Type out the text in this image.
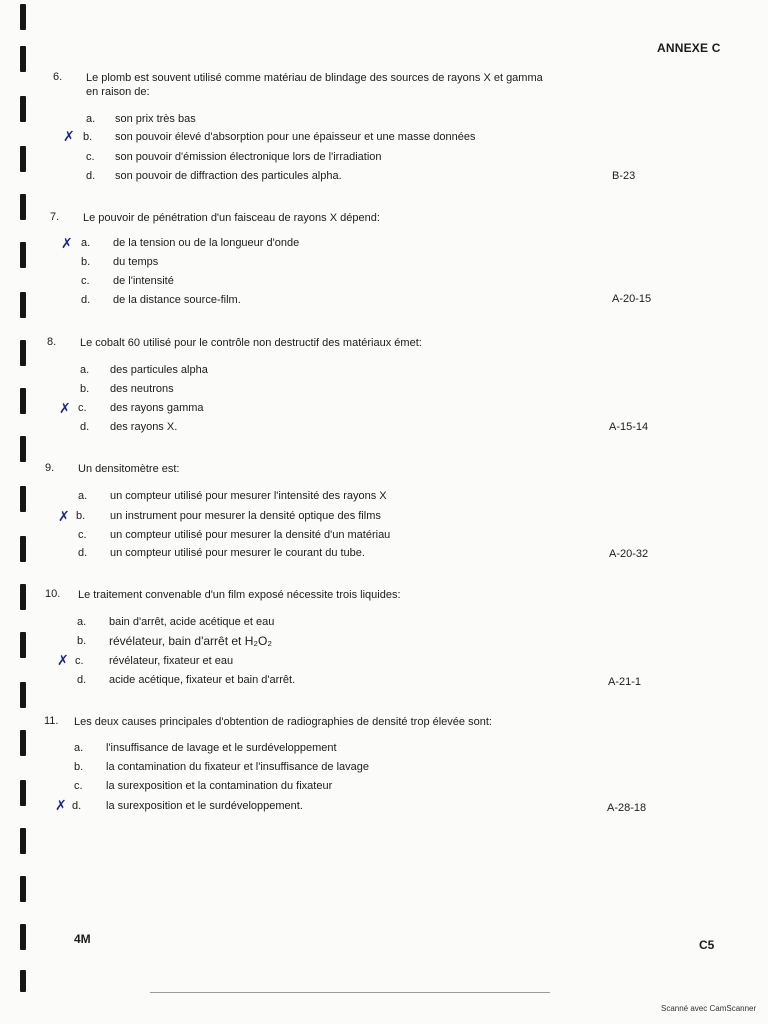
ANNEXE C
6. Le plomb est souvent utilisé comme matériau de blindage des sources de rayons X et gamma
en raison de:
a. son prix très bas
✗ b. son pouvoir élevé d'absorption pour une épaisseur et une masse données
c. son pouvoir d'émission électronique lors de l'irradiation
d. son pouvoir de diffraction des particules alpha.	B-23
7. Le pouvoir de pénétration d'un faisceau de rayons X dépend:
✗ a. de la tension ou de la longueur d'onde
b. du temps
c. de l'intensité
d. de la distance source-film.	A-20-15
8. Le cobalt 60 utilisé pour le contrôle non destructif des matériaux émet:
a. des particules alpha
b. des neutrons
✗ c. des rayons gamma
d. des rayons X.	A-15-14
9. Un densitomètre est:
a. un compteur utilisé pour mesurer l'intensité des rayons X
✗ b. un instrument pour mesurer la densité optique des films
c. un compteur utilisé pour mesurer la densité d'un matériau
d. un compteur utilisé pour mesurer le courant du tube.	A-20-32
10. Le traitement convenable d'un film exposé nécessite trois liquides:
a. bain d'arrêt, acide acétique et eau
b. révélateur, bain d'arrêt et H₂O₂
✗ c. révélateur, fixateur et eau
d. acide acétique, fixateur et bain d'arrêt.	A-21-1
11. Les deux causes principales d'obtention de radiographies de densité trop élevée sont:
a. l'insuffisance de lavage et le surdéveloppement
b. la contamination du fixateur et l'insuffisance de lavage
c. la surexposition et la contamination du fixateur
✗ d. la surexposition et le surdéveloppement.	A-28-18
4M	C5
Scanné avec CamScanner
